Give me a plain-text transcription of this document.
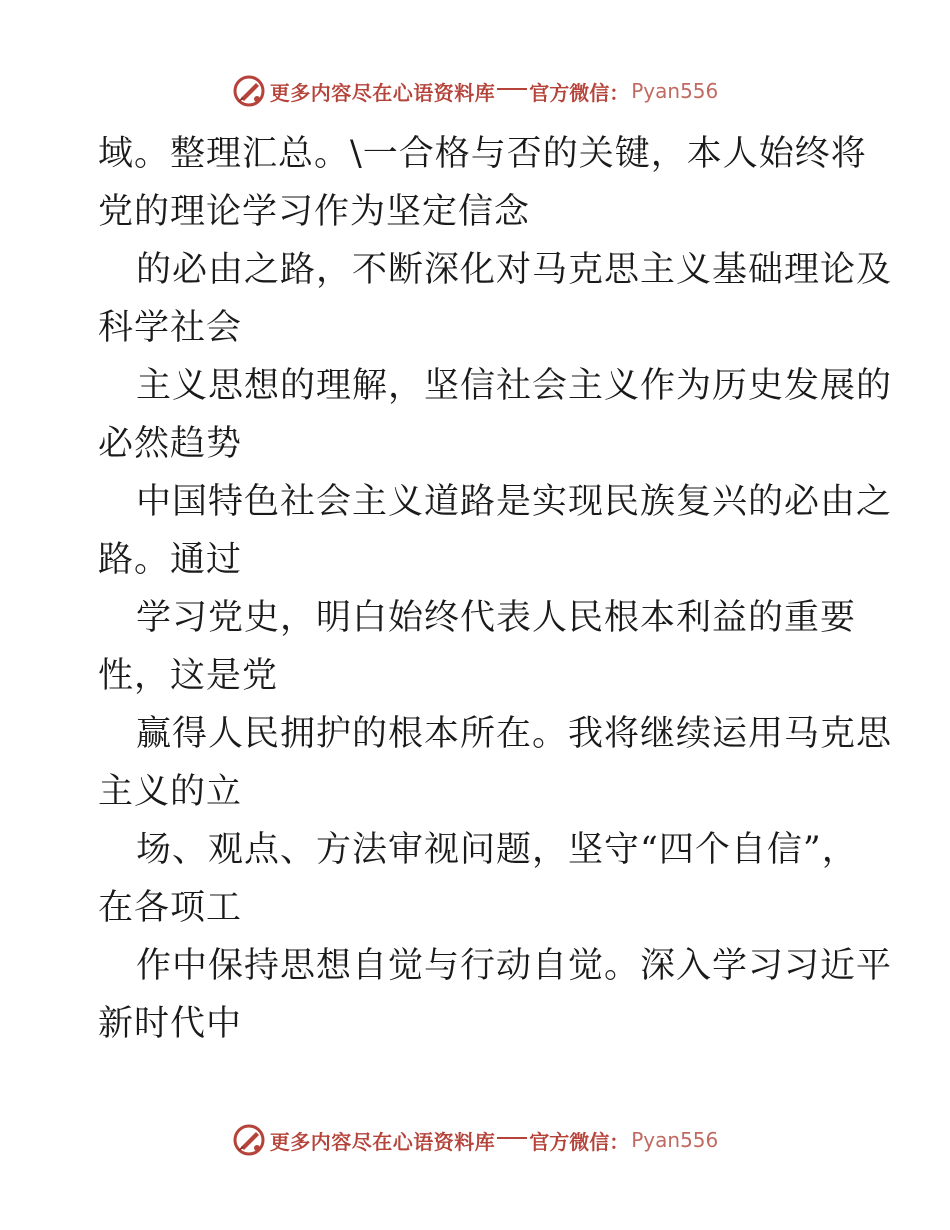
更多内容尽在心语资料库 官方微信： Pyan556
域。整理汇总。\一合格与否的关键，本人始终将
党的理论学习作为坚定信念
的必由之路，不断深化对马克思主义基础理论及
科学社会
主义思想的理解，坚信社会主义作为历史发展的
必然趋势
中国特色社会主义道路是实现民族复兴的必由之
路。通过
学习党史，明白始终代表人民根本利益的重要
性，这是党
赢得人民拥护的根本所在。我将继续运用马克思
主义的立
场、观点、方法审视问题，坚守“四个自信”，
在各项工
作中保持思想自觉与行动自觉。深入学习习近平
新时代中
更多内容尽在心语资料库 官方微信： Pyan556
